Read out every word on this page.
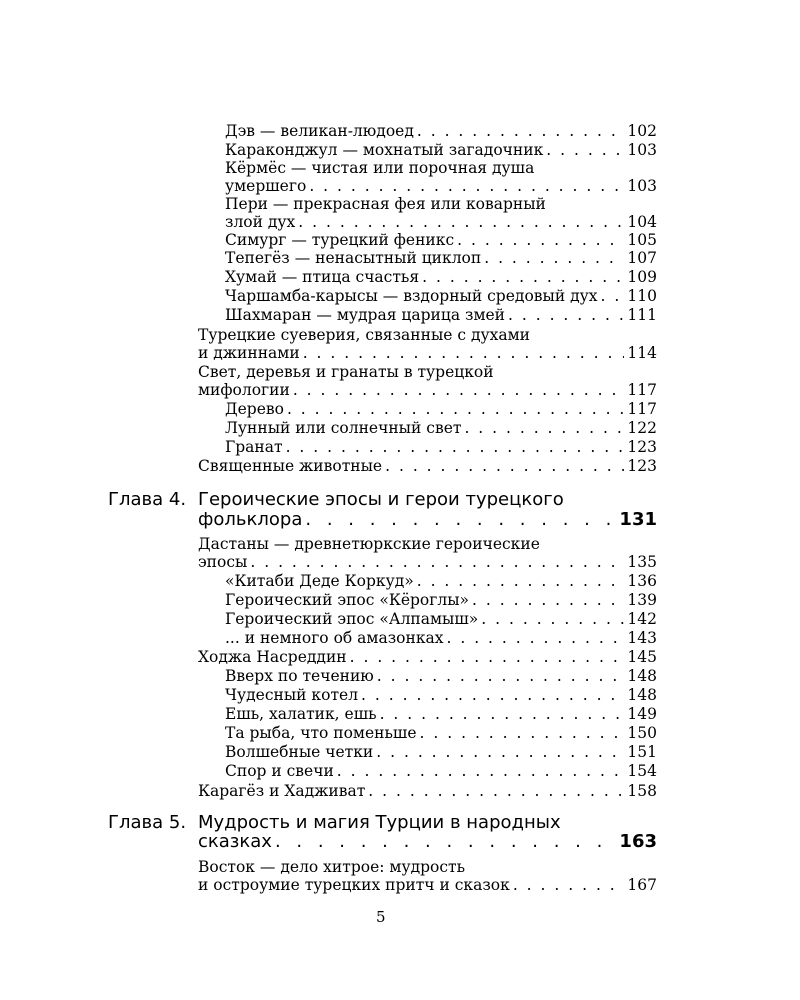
Дэв — великан-людоед . . .	102
Караконджул — мохнатый загадочник . . .	103
Кёрмёс — чистая или порочная душа
умершего . . .	103
Пери — прекрасная фея или коварный
злой дух . . .	104
Симург — турецкий феникс . . .	105
Тепегёз — ненасытный циклоп . . .	107
Хумай — птица счастья . . .	109
Чаршамба-карысы — вздорный средовый дух . . . 110
Шахмаран — мудрая царица змей . . .	111
Турецкие суеверия, связанные с духами
и джиннами . . .	114
Свет, деревья и гранаты в турецкой
мифологии . . .	117
Дерево . . .	117
Лунный или солнечный свет . . .	122
Гранат . . .	123
Священные животные . . .	123
Глава 4. Героические эпосы и герои турецкого
фольклора . . .	131
Дастаны — древнетюркские героические
эпосы . . .	135
«Китаби Деде Коркуд» . . .	136
Героический эпос «Кёроглы» . . .	139
Героический эпос «Алпамыш» . . .	142
... и немного об амазонках . . .	143
Ходжа Насреддин . . .	145
Вверх по течению . . .	148
Чудесный котел . . .	148
Ешь, халатик, ешь . . .	149
Та рыба, что поменьше . . .	150
Волшебные четки . . .	151
Спор и свечи . . .	154
Карагёз и Хадживат . . .	158
Глава 5. Мудрость и магия Турции в народных
сказках . . .	163
Восток — дело хитрое: мудрость
и остроумие турецких притч и сказок . . .	167
5
